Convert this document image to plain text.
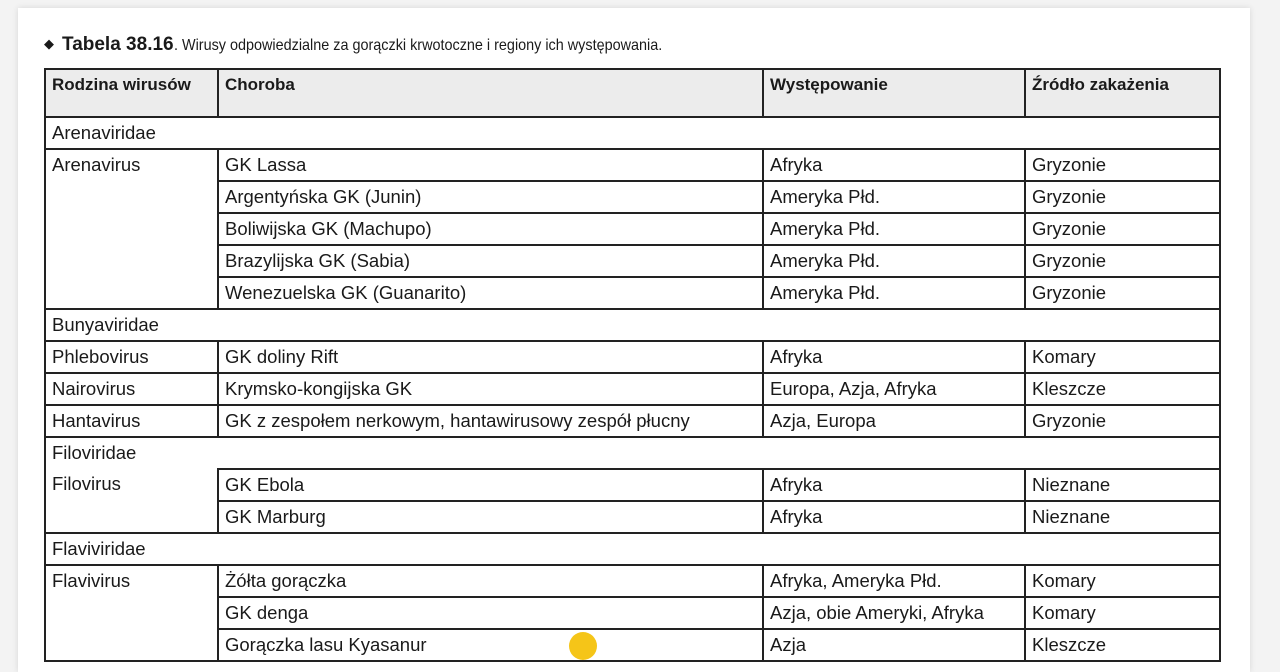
◆ Tabela 38.16. Wirusy odpowiedzialne za gorączki krwotoczne i regiony ich występowania.
Rodzina wirusów	Choroba	Występowanie	Źródło zakażenia
Arenaviridae			
Arenavirus	GK Lassa	Afryka	Gryzonie
	Argentyńska GK (Junin)	Ameryka Płd.	Gryzonie
	Boliwijska GK (Machupo)	Ameryka Płd.	Gryzonie
	Brazylijska GK (Sabia)	Ameryka Płd.	Gryzonie
	Wenezuelska GK (Guanarito)	Ameryka Płd.	Gryzonie
Bunyaviridae			
Phlebovirus	GK doliny Rift	Afryka	Komary
Nairovirus	Krymsko-kongijska GK	Europa, Azja, Afryka	Kleszcze
Hantavirus	GK z zespołem nerkowym, hantawirusowy zespół płucny	Azja, Europa	Gryzonie
Filoviridae			
Filovirus	GK Ebola	Afryka	Nieznane
	GK Marburg	Afryka	Nieznane
Flaviviridae			
Flavivirus	Żółta gorączka	Afryka, Ameryka Płd.	Komary
	GK denga	Azja, obie Ameryki, Afryka	Komary
	Gorączka lasu Kyasanur	Azja	Kleszcze
